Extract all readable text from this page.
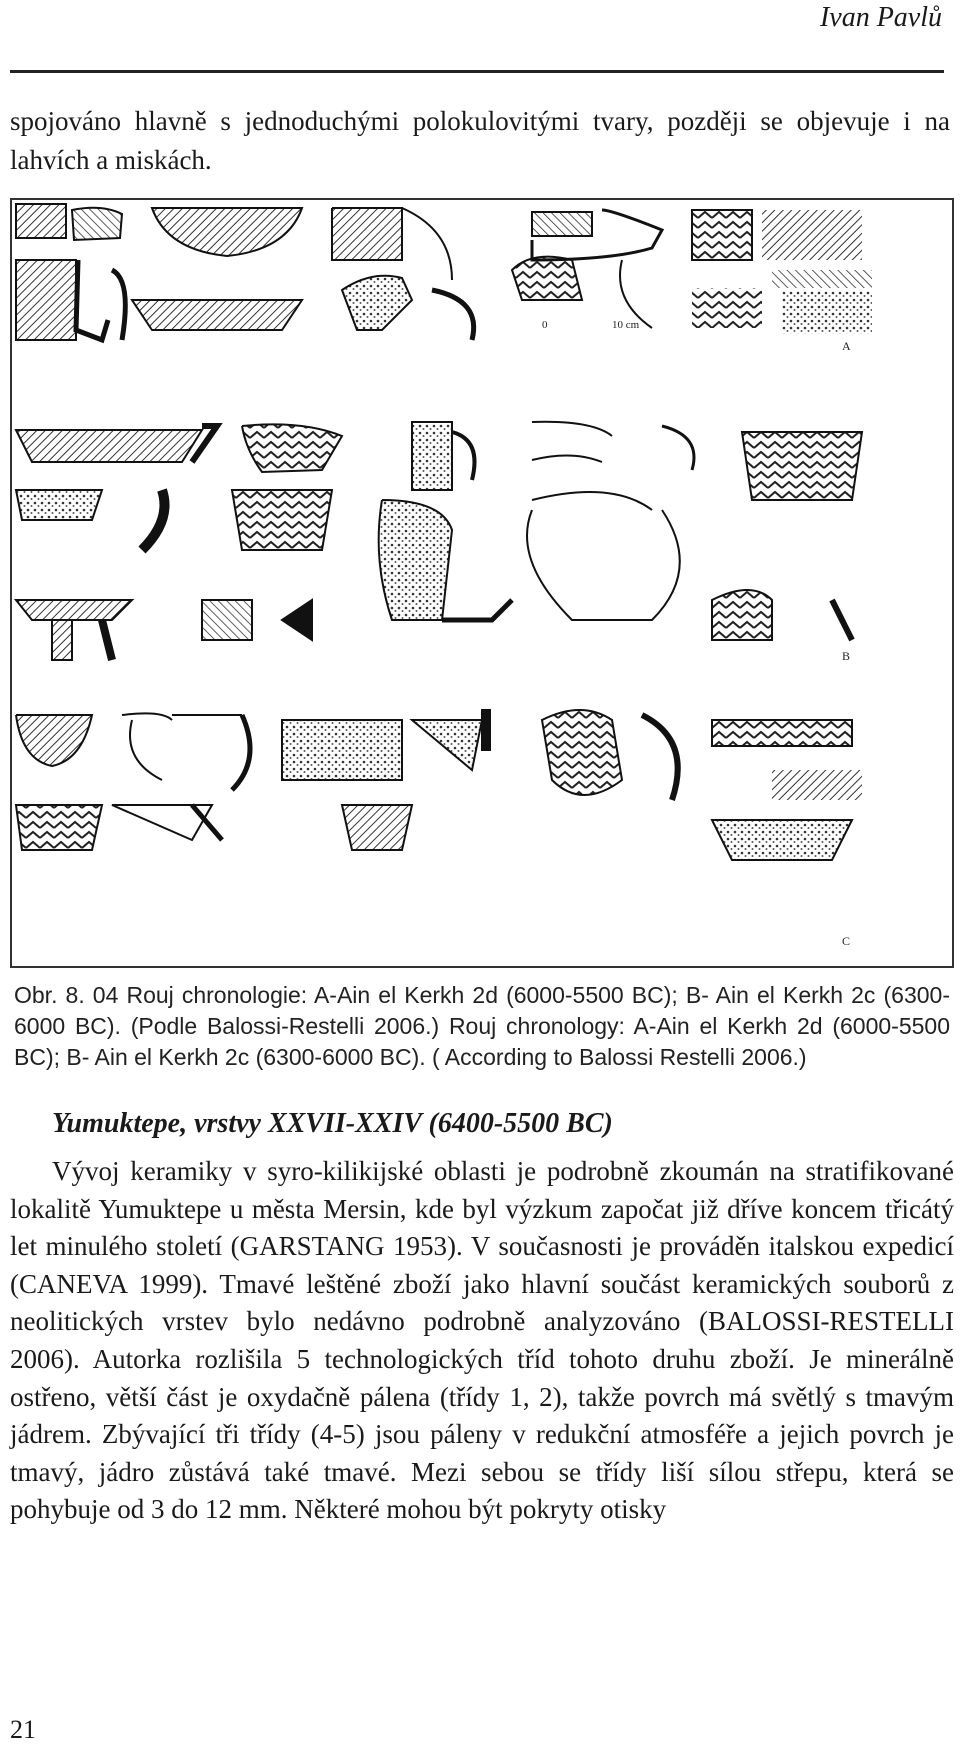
Ivan Pavlů
spojováno hlavně s jednoduchými polokulovitými tvary, později se objevuje i na lahvích a miskách.
0	10 cm
A
B
C
Obr. 8. 04 Rouj chronologie: A-Ain el Kerkh 2d (6000-5500 BC); B- Ain el Kerkh 2c (6300-6000 BC). (Podle Balossi-Restelli 2006.) Rouj chronology: A-Ain el Kerkh 2d (6000-5500 BC); B- Ain el Kerkh 2c (6300-6000 BC). ( According to Balossi Restelli 2006.)
Yumuktepe, vrstvy XXVII-XXIV (6400-5500 BC)

Vývoj keramiky v syro-kilikijské oblasti je podrobně zkoumán na stratifikované lokalitě Yumuktepe u města Mersin, kde byl výzkum započat již dříve koncem třicátý let minulého století (GARSTANG 1953). V současnosti je prováděn italskou expedicí (CANEVA 1999). Tmavé leštěné zboží jako hlavní součást keramických souborů z neolitických vrstev bylo nedávno podrobně analyzováno (BALOSSI-RESTELLI 2006). Autorka rozlišila 5 technologických tříd tohoto druhu zboží. Je minerálně ostřeno, větší část je oxydačně pálena (třídy 1, 2), takže povrch má světlý s tmavým jádrem. Zbývající tři třídy (4-5) jsou páleny v redukční atmosféře a jejich povrch je tmavý, jádro zůstává také tmavé. Mezi sebou se třídy liší sílou střepu, která se pohybuje od 3 do 12 mm. Některé mohou být pokryty otisky

21
